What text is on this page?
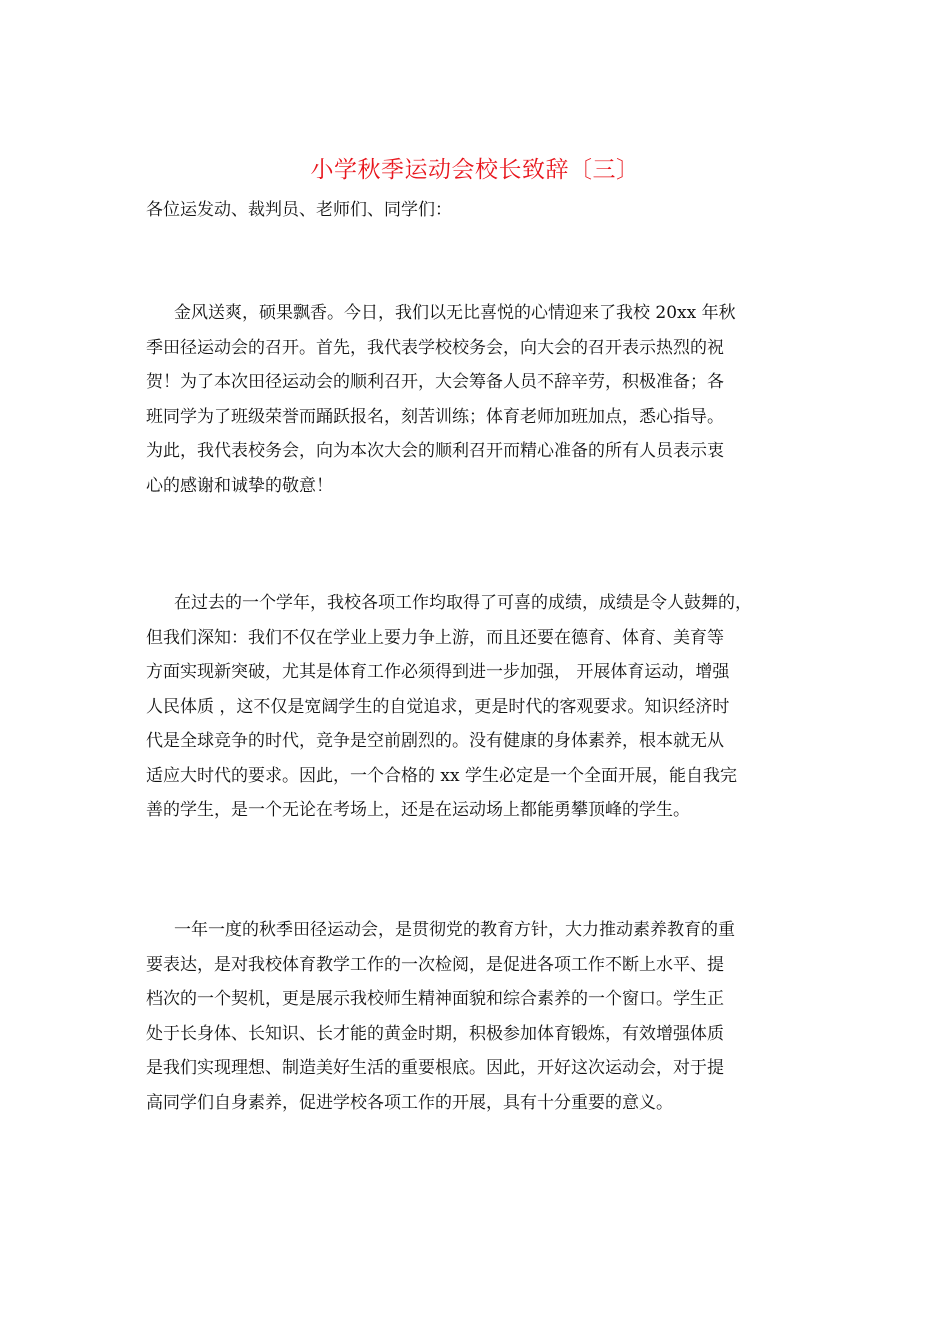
小学秋季运动会校长致辞〔三〕

各位运发动、裁判员、老师们、同学们：

金风送爽，硕果飘香。今日，我们以无比喜悦的心情迎来了我校 20xx 年秋
季田径运动会的召开。首先，我代表学校校务会，向大会的召开表示热烈的祝
贺！为了本次田径运动会的顺利召开，大会筹备人员不辞辛劳，积极准备；各
班同学为了班级荣誉而踊跃报名，刻苦训练；体育老师加班加点，悉心指导。
为此，我代表校务会，向为本次大会的顺利召开而精心准备的所有人员表示衷
心的感谢和诚挚的敬意！
在过去的一个学年，我校各项工作均取得了可喜的成绩，成绩是令人鼓舞的，
但我们深知：我们不仅在学业上要力争上游，而且还要在德育、体育、美育等
方面实现新突破，尤其是体育工作必须得到进一步加强， 开展体育运动，增强
人民体质 ，这不仅是宽阔学生的自觉追求，更是时代的客观要求。知识经济时
代是全球竞争的时代，竞争是空前剧烈的。没有健康的身体素养，根本就无从
适应大时代的要求。因此，一个合格的 xx 学生必定是一个全面开展，能自我完
善的学生，是一个无论在考场上，还是在运动场上都能勇攀顶峰的学生。
一年一度的秋季田径运动会，是贯彻党的教育方针，大力推动素养教育的重
要表达，是对我校体育教学工作的一次检阅，是促进各项工作不断上水平、提
档次的一个契机，更是展示我校师生精神面貌和综合素养的一个窗口。学生正
处于长身体、长知识、长才能的黄金时期，积极参加体育锻炼，有效增强体质
是我们实现理想、制造美好生活的重要根底。因此，开好这次运动会，对于提
高同学们自身素养，促进学校各项工作的开展，具有十分重要的意义。
